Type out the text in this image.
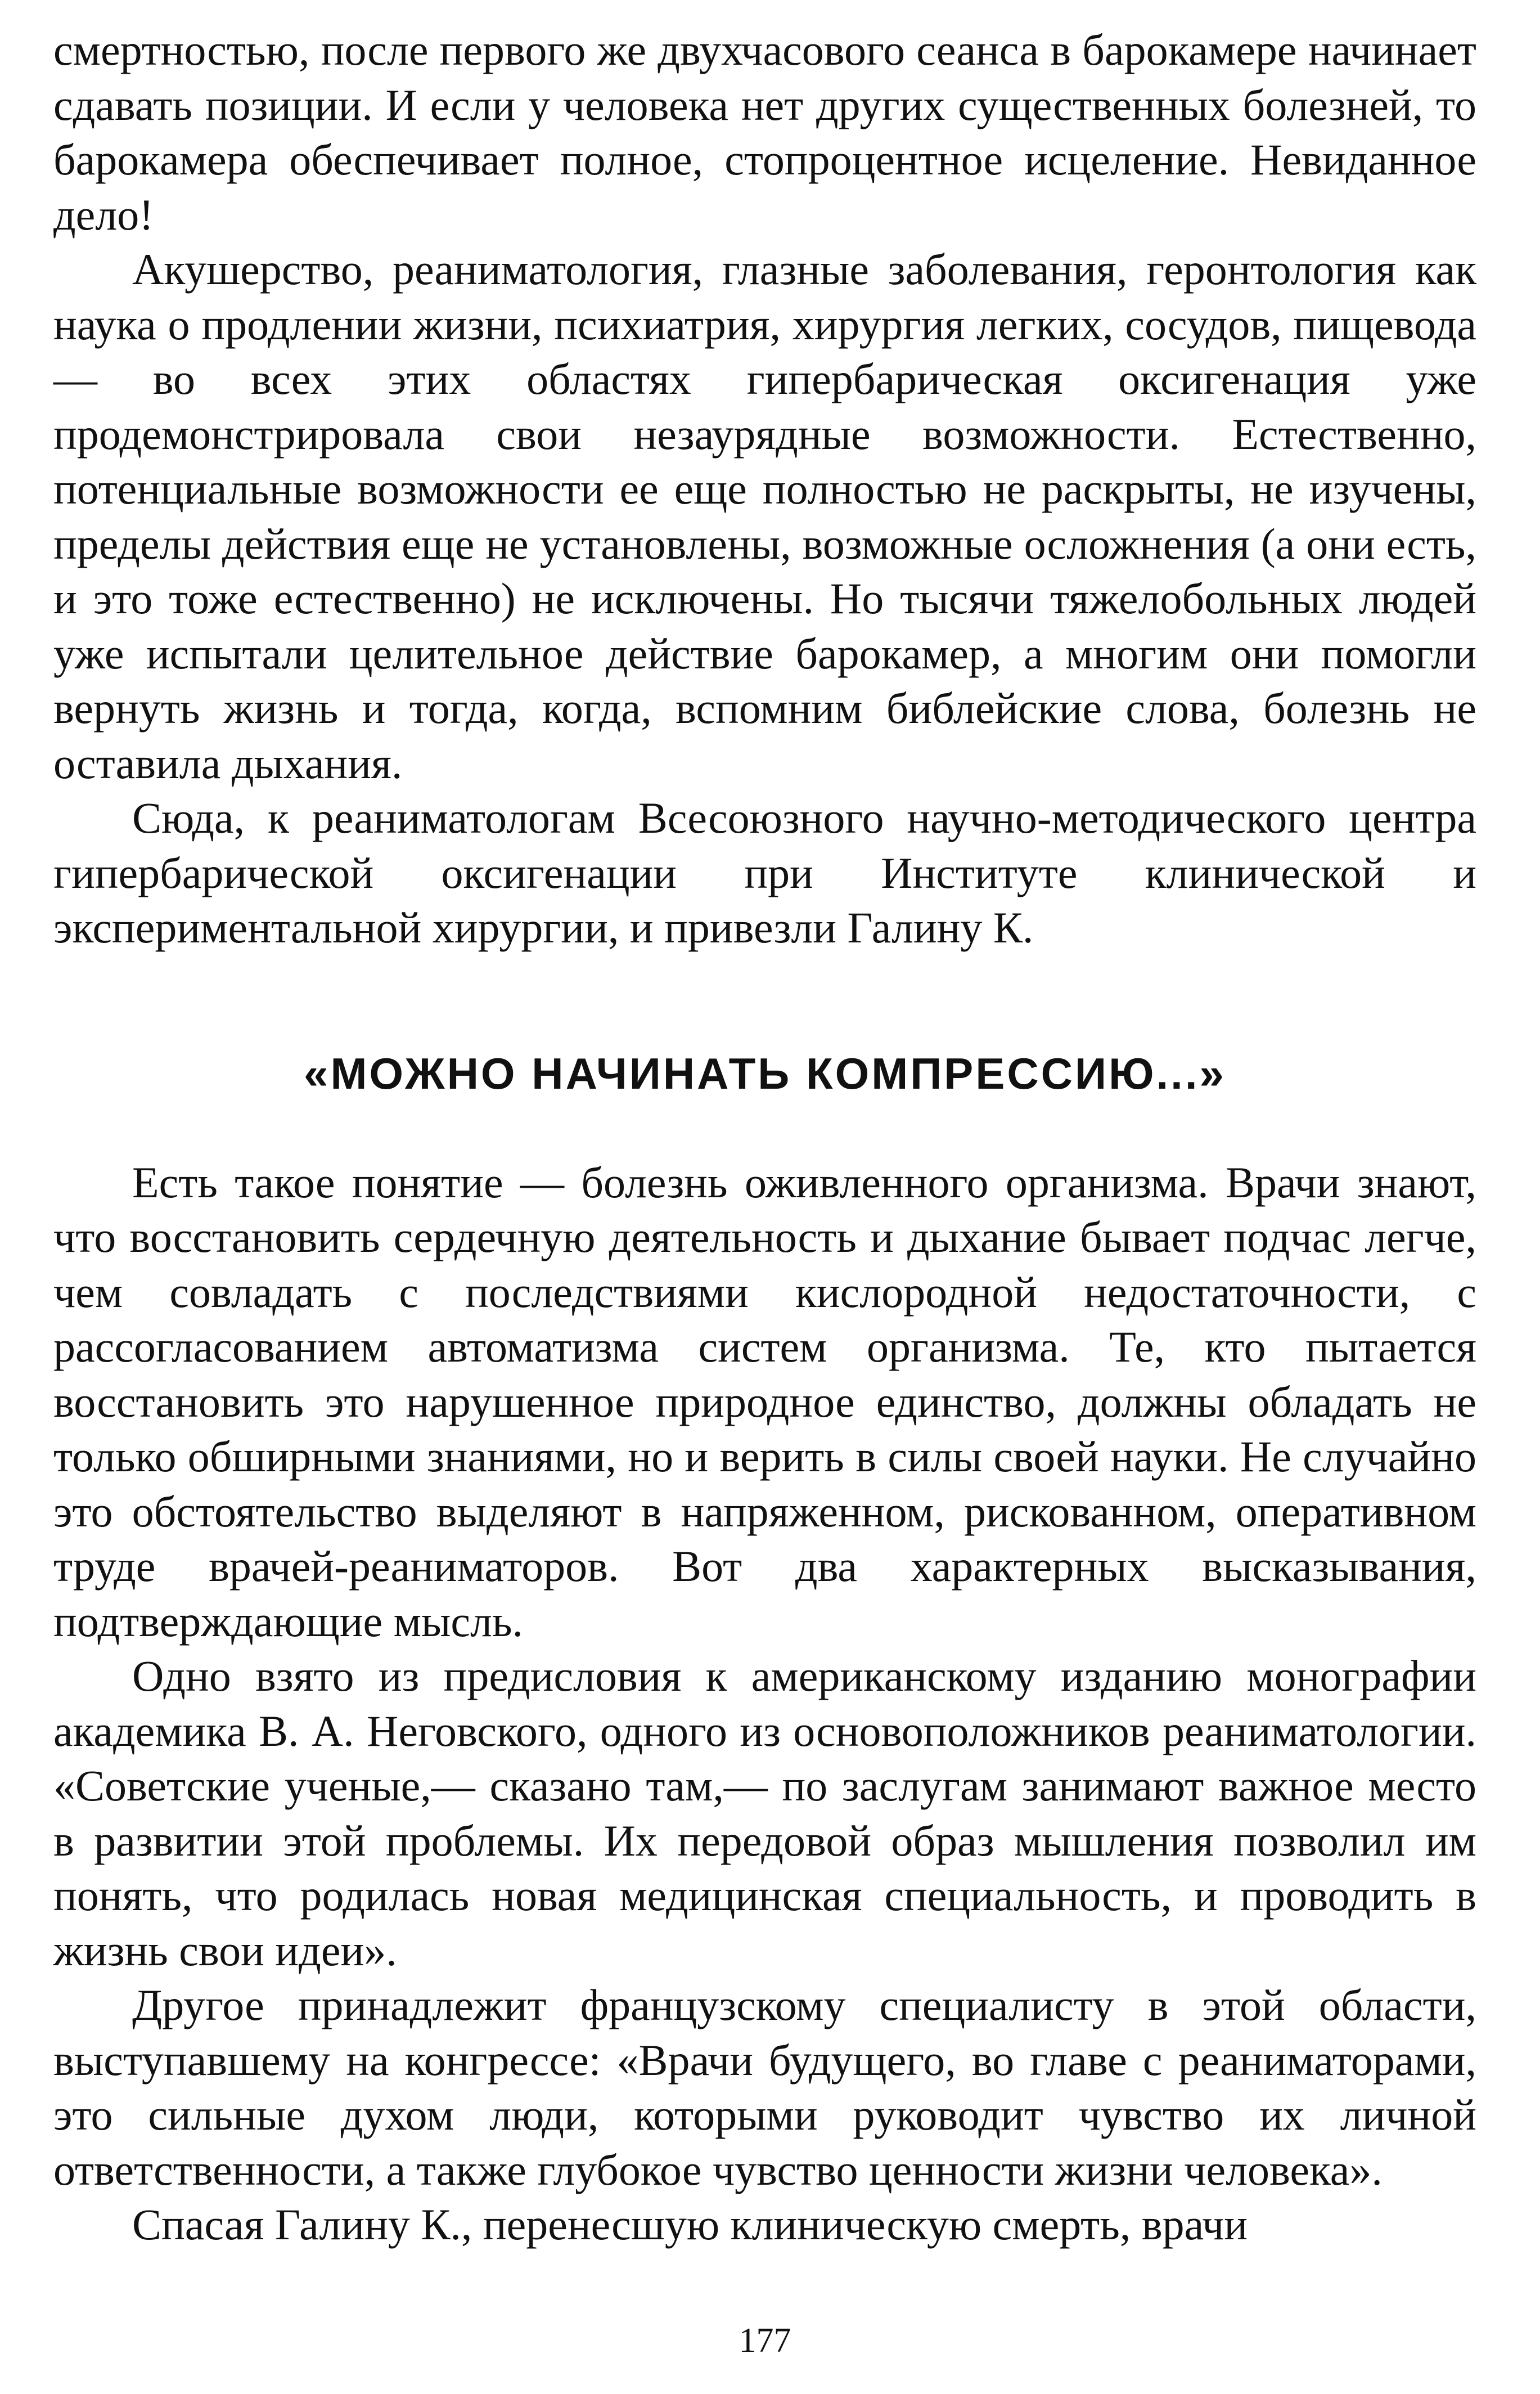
смертностью, после первого же двухчасового сеанса в барокамере начинает сдавать позиции. И если у человека нет других существенных болезней, то барокамера обеспечивает полное, стопроцентное исцеление. Невиданное дело!

Акушерство, реаниматология, глазные заболевания, геронтология как наука о продлении жизни, психиатрия, хирургия легких, сосудов, пищевода — во всех этих областях гипербарическая оксигенация уже продемонстрировала свои незаурядные возможности. Естественно, потенциальные возможности ее еще полностью не раскрыты, не изучены, пределы действия еще не установлены, возможные осложнения (а они есть, и это тоже естественно) не исключены. Но тысячи тяжелобольных людей уже испытали целительное действие барокамер, а многим они помогли вернуть жизнь и тогда, когда, вспомним библейские слова, болезнь не оставила дыхания.

Сюда, к реаниматологам Всесоюзного научно-методического центра гипербарической оксигенации при Институте клинической и экспериментальной хирургии, и привезли Галину К.

«МОЖНО НАЧИНАТЬ КОМПРЕССИЮ...»

Есть такое понятие — болезнь оживленного организма. Врачи знают, что восстановить сердечную деятельность и дыхание бывает подчас легче, чем совладать с последствиями кислородной недостаточности, с рассогласованием автоматизма систем организма. Те, кто пытается восстановить это нарушенное природное единство, должны обладать не только обширными знаниями, но и верить в силы своей науки. Не случайно это обстоятельство выделяют в напряженном, рискованном, оперативном труде врачей-реаниматоров. Вот два характерных высказывания, подтверждающие мысль.

Одно взято из предисловия к американскому изданию монографии академика В. А. Неговского, одного из основоположников реаниматологии. «Советские ученые,— сказано там,— по заслугам занимают важное место в развитии этой проблемы. Их передовой образ мышления позволил им понять, что родилась новая медицинская специальность, и проводить в жизнь свои идеи».

Другое принадлежит французскому специалисту в этой области, выступавшему на конгрессе: «Врачи будущего, во главе с реаниматорами, это сильные духом люди, которыми руководит чувство их личной ответственности, а также глубокое чувство ценности жизни человека».

Спасая Галину К., перенесшую клиническую смерть, врачи

177
